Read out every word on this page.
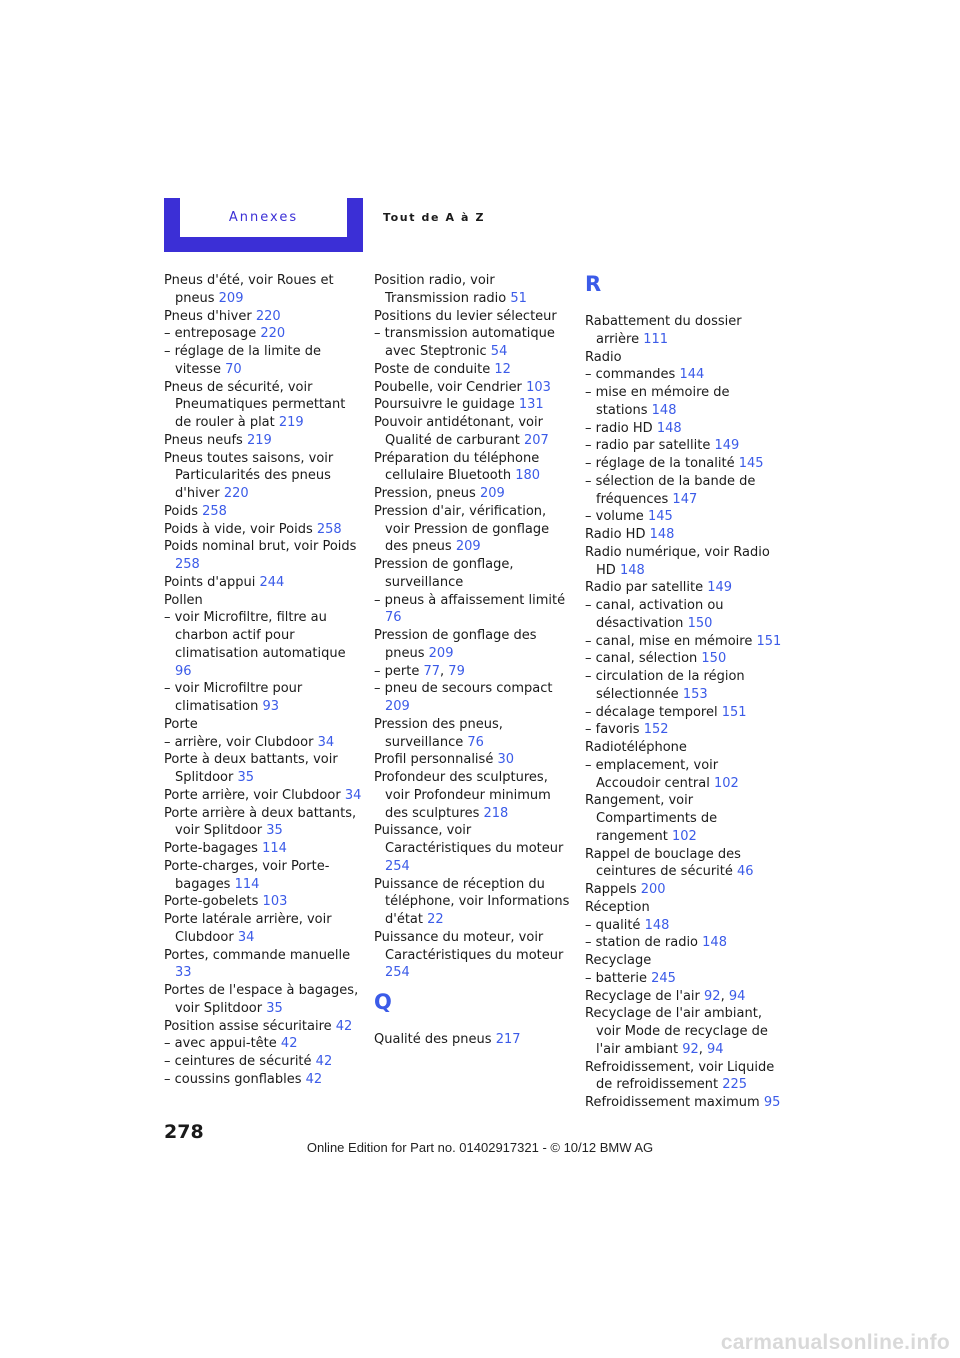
Annexes	Tout de A à Z
Pneus d'été, voir Roues et pneus 209
Pneus d'hiver 220
– entreposage 220
– réglage de la limite de vitesse 70
Pneus de sécurité, voir Pneumatiques permettant de rouler à plat 219
Pneus neufs 219
Pneus toutes saisons, voir Particularités des pneus d'hiver 220
Poids 258
Poids à vide, voir Poids 258
Poids nominal brut, voir Poids 258
Points d'appui 244
Pollen
– voir Microfiltre, filtre au charbon actif pour climatisation automatique 96
– voir Microfiltre pour climatisation 93
Porte
– arrière, voir Clubdoor 34
Porte à deux battants, voir Splitdoor 35
Porte arrière, voir Clubdoor 34
Porte arrière à deux battants, voir Splitdoor 35
Porte-bagages 114
Porte-charges, voir Porte-bagages 114
Porte-gobelets 103
Porte latérale arrière, voir Clubdoor 34
Portes, commande manuelle 33
Portes de l'espace à bagages, voir Splitdoor 35
Position assise sécuritaire 42
– avec appui-tête 42
– ceintures de sécurité 42
– coussins gonflables 42
Position radio, voir Transmission radio 51
Positions du levier sélecteur
– transmission automatique avec Steptronic 54
Poste de conduite 12
Poubelle, voir Cendrier 103
Poursuivre le guidage 131
Pouvoir antidétonant, voir Qualité de carburant 207
Préparation du téléphone cellulaire Bluetooth 180
Pression, pneus 209
Pression d'air, vérification, voir Pression de gonflage des pneus 209
Pression de gonflage, surveillance
– pneus à affaissement limité 76
Pression de gonflage des pneus 209
– perte 77, 79
– pneu de secours compact 209
Pression des pneus, surveillance 76
Profil personnalisé 30
Profondeur des sculptures, voir Profondeur minimum des sculptures 218
Puissance, voir Caractéristiques du moteur 254
Puissance de réception du téléphone, voir Informations d'état 22
Puissance du moteur, voir Caractéristiques du moteur 254
Q
Qualité des pneus 217
R
Rabattement du dossier arrière 111
Radio
– commandes 144
– mise en mémoire de stations 148
– radio HD 148
– radio par satellite 149
– réglage de la tonalité 145
– sélection de la bande de fréquences 147
– volume 145
Radio HD 148
Radio numérique, voir Radio HD 148
Radio par satellite 149
– canal, activation ou désactivation 150
– canal, mise en mémoire 151
– canal, sélection 150
– circulation de la région sélectionnée 153
– décalage temporel 151
– favoris 152
Radiotéléphone
– emplacement, voir Accoudoir central 102
Rangement, voir Compartiments de rangement 102
Rappel de bouclage des ceintures de sécurité 46
Rappels 200
Réception
– qualité 148
– station de radio 148
Recyclage
– batterie 245
Recyclage de l'air 92, 94
Recyclage de l'air ambiant, voir Mode de recyclage de l'air ambiant 92, 94
Refroidissement, voir Liquide de refroidissement 225
Refroidissement maximum 95
278
Online Edition for Part no. 01402917321 - © 10/12 BMW AG
carmanualsonline.info
